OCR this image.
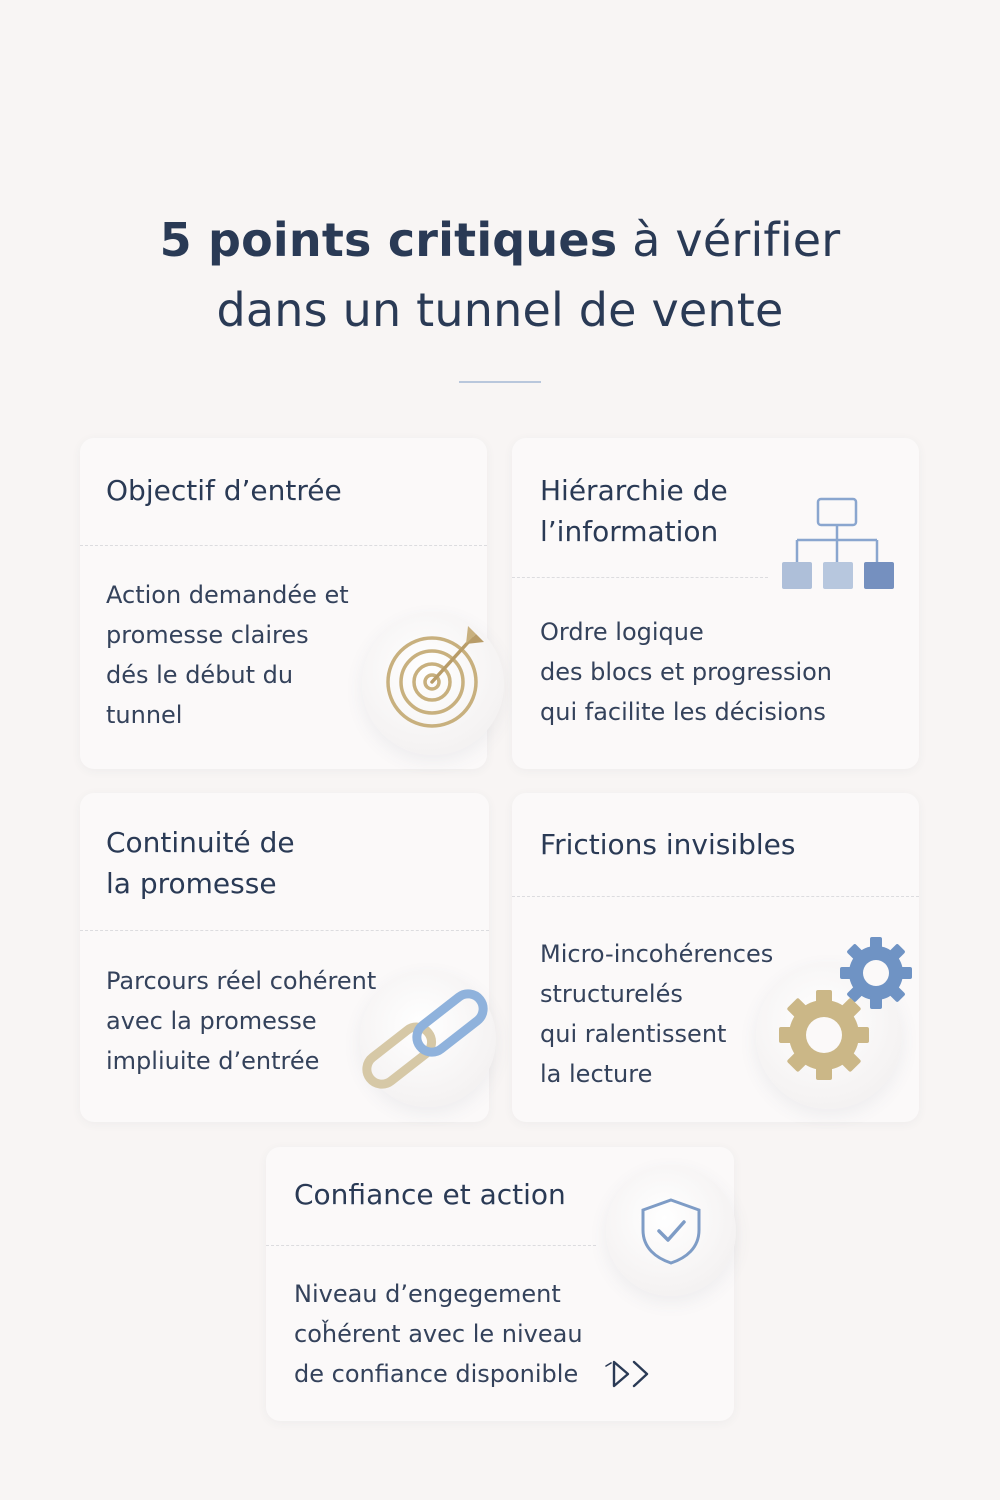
5 points critiques à vérifier
dans un tunnel de vente
Objectif d’entrée
Action demandée et
promesse claires
dés le début du
tunnel
Hiérarchie de
l’information
Ordre logique
des blocs et progression
qui facilite les décisions
Continuité de
la promesse
Parcours réel cohérent
avec la promesse
impliuite d’entrée
Frictions invisibles
Micro-incohérences
structurelés
qui ralentissent
la lecture
Confiance et action
Niveau d’engegement
coȟérent avec le niveau
de confiance disponible
